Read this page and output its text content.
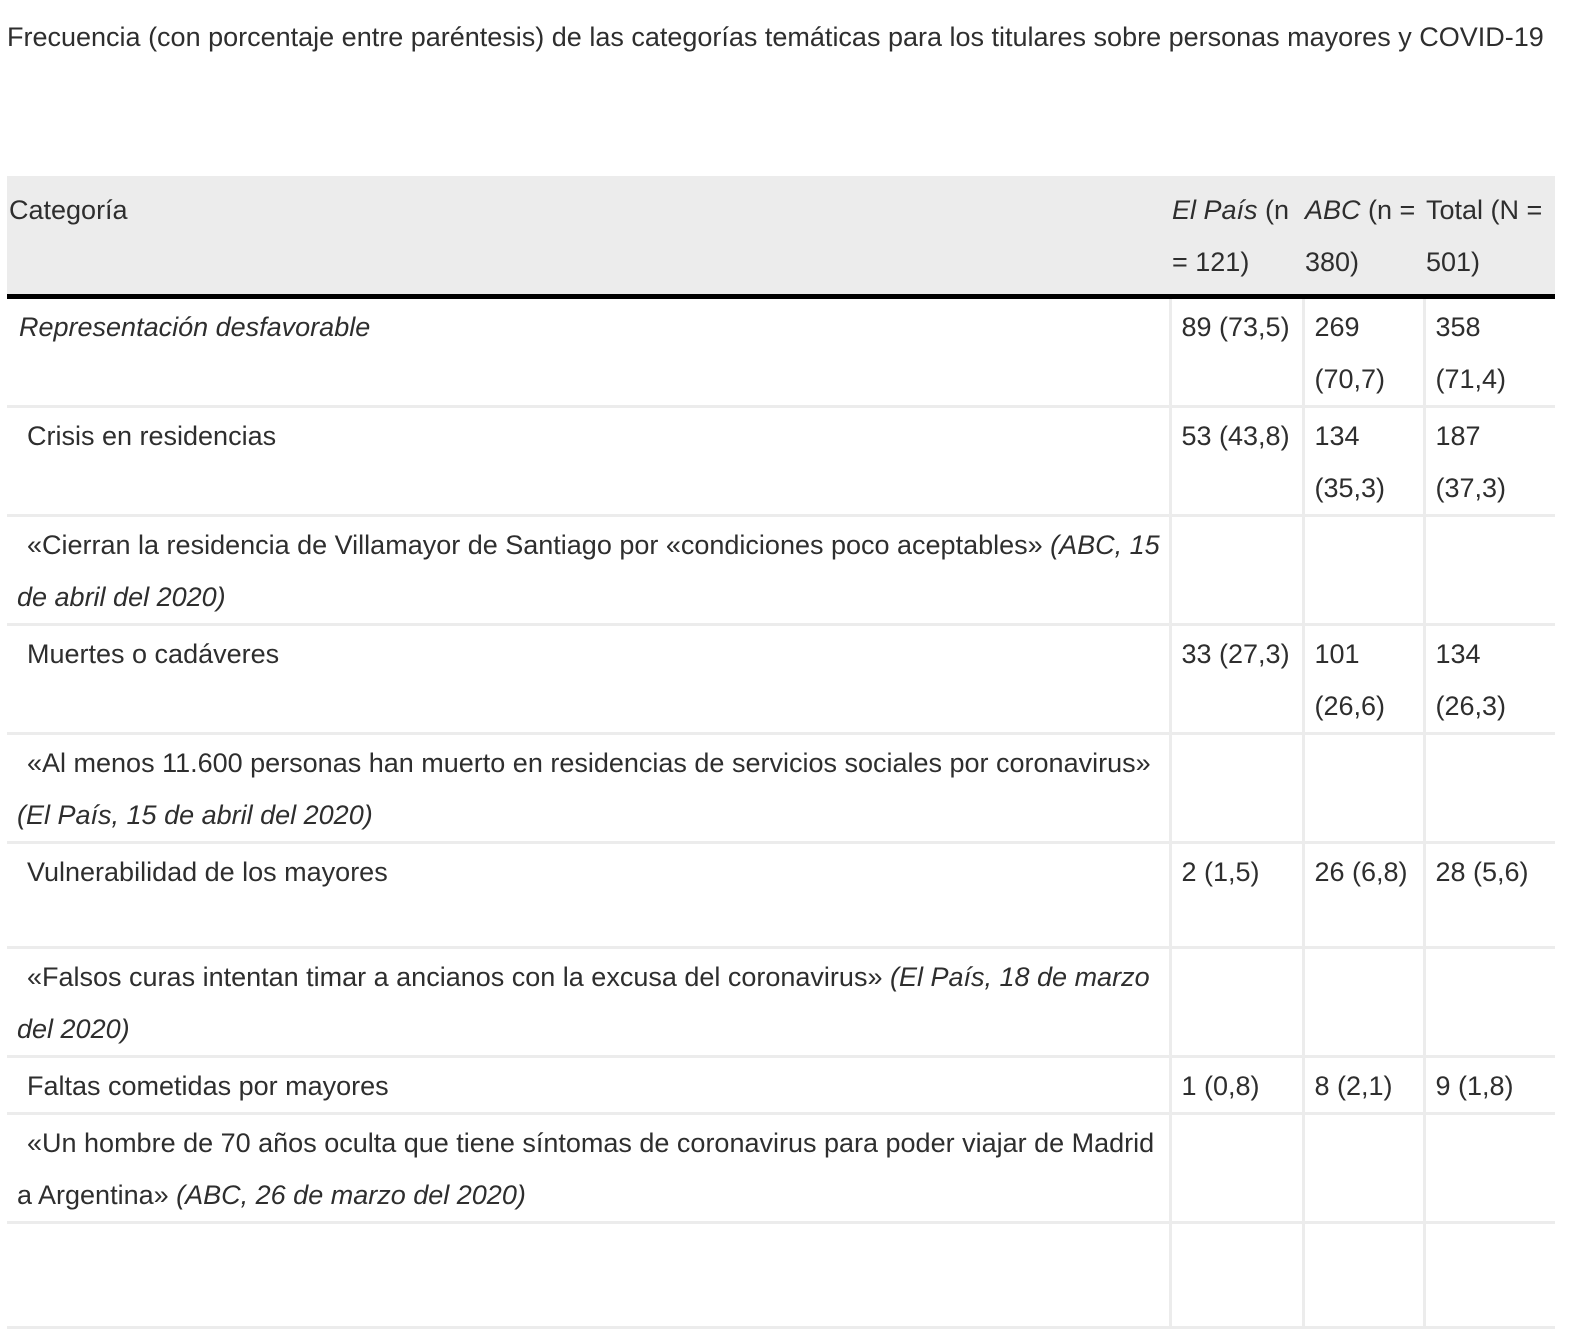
Frecuencia (con porcentaje entre paréntesis) de las categorías temáticas para los titulares sobre personas mayores y COVID-19
Categoría	El País (n = 121)	ABC (n = 380)	Total (N = 501)
Representación desfavorable	89 (73,5)	269 (70,7)	358 (71,4)
Crisis en residencias	53 (43,8)	134 (35,3)	187 (37,3)
«Cierran la residencia de Villamayor de Santiago por «condiciones poco aceptables» (ABC, 15 de abril del 2020)			
Muertes o cadáveres	33 (27,3)	101 (26,6)	134 (26,3)
«Al menos 11.600 personas han muerto en residencias de servicios sociales por coronavirus» (El País, 15 de abril del 2020)			
Vulnerabilidad de los mayores	2 (1,5)	26 (6,8)	28 (5,6)
«Falsos curas intentan timar a ancianos con la excusa del coronavirus» (El País, 18 de marzo del 2020)			
Faltas cometidas por mayores	1 (0,8)	8 (2,1)	9 (1,8)
«Un hombre de 70 años oculta que tiene síntomas de coronavirus para poder viajar de Madrid a Argentina» (ABC, 26 de marzo del 2020)			
